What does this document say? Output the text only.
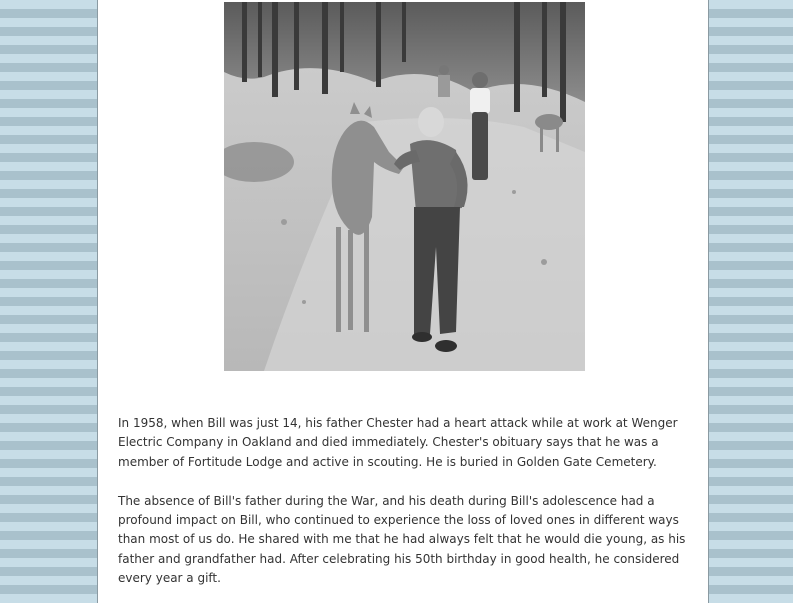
In 1958, when Bill was just 14, his father Chester had a heart attack while at work at Wenger Electric Company in Oakland and died immediately. Chester's obituary says that he was a member of Fortitude Lodge and active in scouting. He is buried in Golden Gate Cemetery.

The absence of Bill's father during the War, and his death during Bill's adolescence had a profound impact on Bill, who continued to experience the loss of loved ones in different ways than most of us do. He shared with me that he had always felt that he would die young, as his father and grandfather had. After celebrating his 50th birthday in good health, he considered every year a gift.
